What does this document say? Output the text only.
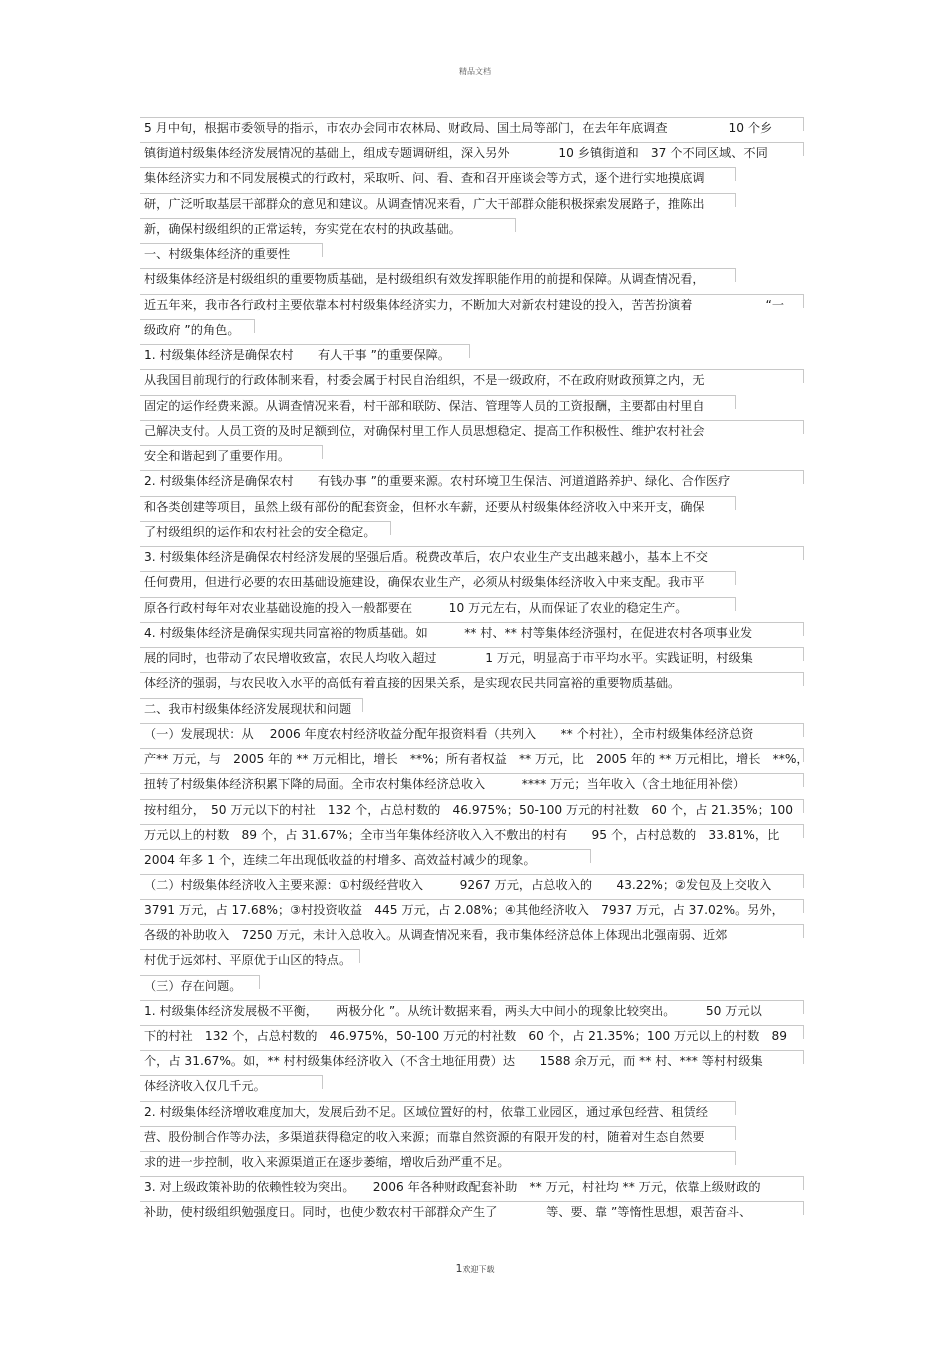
精品文档
5 月中旬，根据市委领导的指示，市农办会同市农林局、财政局、国土局等部门，在去年年底调查　　　　　10 个乡
镇街道村级集体经济发展情况的基础上，组成专题调研组，深入另外　　　　10 乡镇街道和　37 个不同区域、不同
集体经济实力和不同发展模式的行政村，采取听、问、看、查和召开座谈会等方式，逐个进行实地摸底调
研，广泛听取基层干部群众的意见和建议。从调查情况来看，广大干部群众能积极探索发展路子，推陈出
新，确保村级组织的正常运转，夯实党在农村的执政基础。
一、村级集体经济的重要性
村级集体经济是村级组织的重要物质基础，是村级组织有效发挥职能作用的前提和保障。从调查情况看，
近五年来，我市各行政村主要依靠本村村级集体经济实力，不断加大对新农村建设的投入，苦苦扮演着　　　　　　“一
级政府 ”的角色。
1. 村级集体经济是确保农村　　有人干事 ”的重要保障。
从我国目前现行的行政体制来看，村委会属于村民自治组织，不是一级政府，不在政府财政预算之内，无
固定的运作经费来源。从调查情况来看，村干部和联防、保洁、管理等人员的工资报酬，主要都由村里自
己解决支付。人员工资的及时足额到位，对确保村里工作人员思想稳定、提高工作积极性、维护农村社会
安全和谐起到了重要作用。
2. 村级集体经济是确保农村　　有钱办事 ”的重要来源。农村环境卫生保洁、河道道路养护、绿化、合作医疗
和各类创建等项目，虽然上级有部份的配套资金，但杯水车薪，还要从村级集体经济收入中来开支，确保
了村级组织的运作和农村社会的安全稳定。
3. 村级集体经济是确保农村经济发展的坚强后盾。税费改革后，农户农业生产支出越来越小，基本上不交
任何费用，但进行必要的农田基础设施建设，确保农业生产，必须从村级集体经济收入中来支配。我市平
原各行政村每年对农业基础设施的投入一般都要在　　　10 万元左右，从而保证了农业的稳定生产。
4. 村级集体经济是确保实现共同富裕的物质基础。如　　　** 村、** 村等集体经济强村，在促进农村各项事业发
展的同时，也带动了农民增收致富，农民人均收入超过　　　　1 万元，明显高于市平均水平。实践证明，村级集
体经济的强弱，与农民收入水平的高低有着直接的因果关系，是实现农民共同富裕的重要物质基础。
二、我市村级集体经济发展现状和问题
（一）发展现状：从　 2006 年度农村经济收益分配年报资料看（共列入　　** 个村社），全市村级集体经济总资
产** 万元，与　2005 年的 ** 万元相比，增长　**%；所有者权益　** 万元，比　2005 年的 ** 万元相比，增长　**%，
扭转了村级集体经济积累下降的局面。全市农村集体经济总收入　　　**** 万元；当年收入（含土地征用补偿）
按村组分，　50 万元以下的村社　132 个，占总村数的　46.975%；50-100 万元的村社数　60 个，占 21.35%；100
万元以上的村数　89 个，占 31.67%；全市当年集体经济收入入不敷出的村有　　95 个，占村总数的　33.81%，比
2004 年多 1 个，连续二年出现低收益的村增多、高效益村减少的现象。
（二）村级集体经济收入主要来源：①村级经营收入　　　9267 万元，占总收入的　　43.22%；②发包及上交收入
3791 万元，占 17.68%；③村投资收益　445 万元，占 2.08%；④其他经济收入　7937 万元，占 37.02%。另外，
各级的补助收入　7250 万元，未计入总收入。从调查情况来看，我市集体经济总体上体现出北强南弱、近郊
村优于远郊村、平原优于山区的特点。
（三）存在问题。
1. 村级集体经济发展极不平衡，　　两极分化 ”。从统计数据来看，两头大中间小的现象比较突出。　　　50 万元以
下的村社　132 个，占总村数的　46.975%，50-100 万元的村社数　60 个，占 21.35%；100 万元以上的村数　89
个，占 31.67%。如，** 村村级集体经济收入（不含土地征用费）达　　1588 余万元，而 ** 村、*** 等村村级集
体经济收入仅几千元。
2. 村级集体经济增收难度加大，发展后劲不足。区域位置好的村，依靠工业园区，通过承包经营、租赁经
营、股份制合作等办法，多渠道获得稳定的收入来源；而靠自然资源的有限开发的村，随着对生态自然要
求的进一步控制，收入来源渠道正在逐步萎缩，增收后劲严重不足。
3. 对上级政策补助的依赖性较为突出。　　2006 年各种财政配套补助　** 万元，村社均 ** 万元，依靠上级财政的
补助，使村级组织勉强度日。同时，也使少数农村干部群众产生了　　　　等、要、靠 ”等惰性思想，艰苦奋斗、
1欢迎下载
